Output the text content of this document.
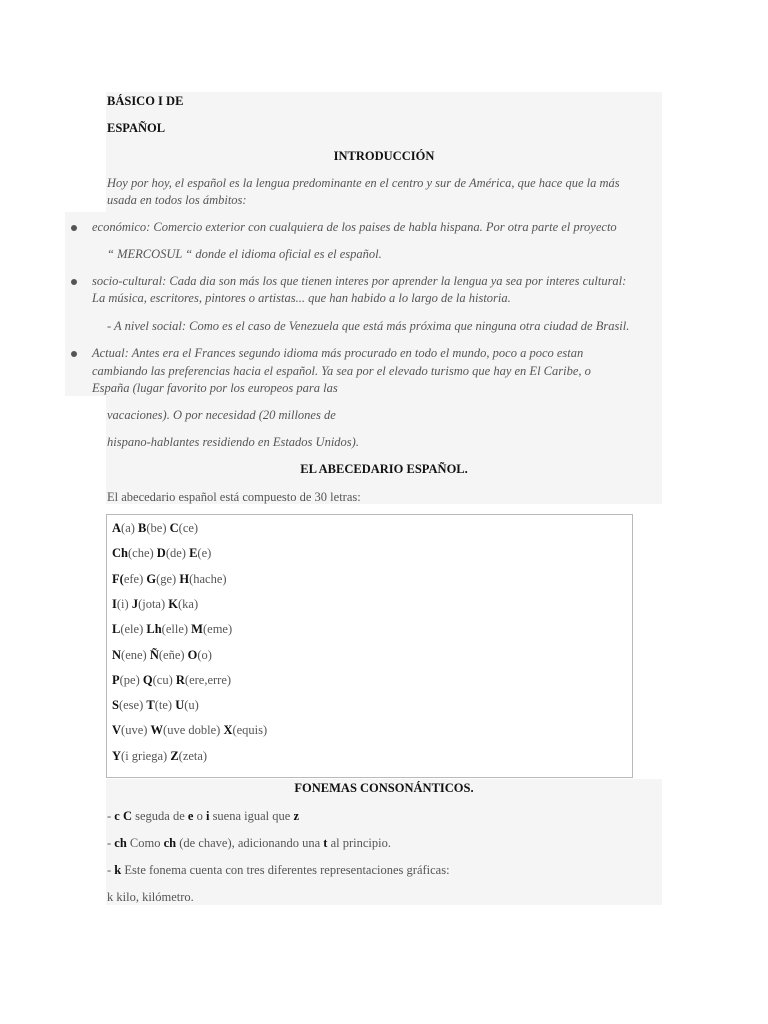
BÁSICO I DE
ESPAÑOL
INTRODUCCIÓN
Hoy por hoy, el español es la lengua predominante en el centro y sur de América, que hace que la más
usada en todos los ámbitos:
económico: Comercio exterior con cualquiera de los paises de habla hispana. Por otra parte el proyecto
“ MERCOSUL “ donde el idioma oficial es el español.
socio-cultural: Cada dia son más los que tienen interes por aprender la lengua ya sea por interes cultural:
La música, escritores, pintores o artistas... que han habido a lo largo de la historia.
- A nivel social: Como es el caso de Venezuela que está más próxima que ninguna otra ciudad de Brasil.
Actual: Antes era el Frances segundo idioma más procurado en todo el mundo, poco a poco estan
cambiando las preferencias hacia el español. Ya sea por el elevado turismo que hay en El Caribe, o
España (lugar favorito por los europeos para las
vacaciones). O por necesidad (20 millones de
hispano-hablantes residiendo en Estados Unidos).
EL ABECEDARIO ESPAÑOL.
El abecedario español está compuesto de 30 letras:
A(a) B(be) C(ce)
Ch(che) D(de) E(e)
F(efe) G(ge) H(hache)
I(i) J(jota) K(ka)
L(ele) Lh(elle) M(eme)
N(ene) Ñ(eñe) O(o)
P(pe) Q(cu) R(ere,erre)
S(ese) T(te) U(u)
V(uve) W(uve doble) X(equis)
Y(i griega) Z(zeta)
FONEMAS CONSONÁNTICOS.
- c C seguda de e o i suena igual que z
- ch Como ch (de chave), adicionando una t al principio.
- k Este fonema cuenta con tres diferentes representaciones gráficas:
k kilo, kilómetro.
